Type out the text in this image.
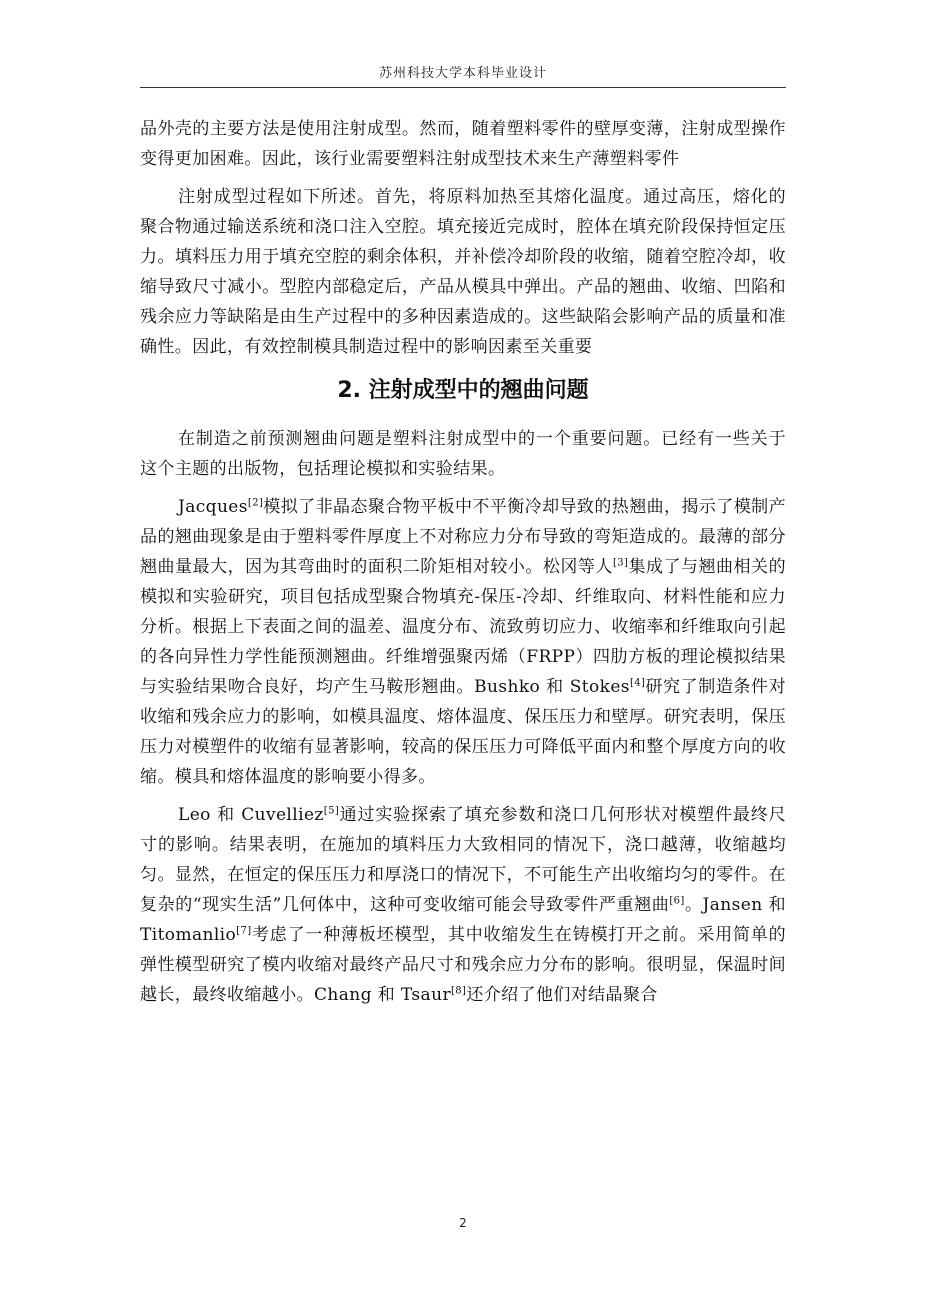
苏州科技大学本科毕业设计

品外壳的主要方法是使用注射成型。然而，随着塑料零件的壁厚变薄，注射成型操作变得更加困难。因此，该行业需要塑料注射成型技术来生产薄塑料零件

注射成型过程如下所述。首先，将原料加热至其熔化温度。通过高压，熔化的聚合物通过输送系统和浇口注入空腔。填充接近完成时，腔体在填充阶段保持恒定压力。填料压力用于填充空腔的剩余体积，并补偿冷却阶段的收缩，随着空腔冷却，收缩导致尺寸减小。型腔内部稳定后，产品从模具中弹出。产品的翘曲、收缩、凹陷和残余应力等缺陷是由生产过程中的多种因素造成的。这些缺陷会影响产品的质量和准确性。因此，有效控制模具制造过程中的影响因素至关重要

2. 注射成型中的翘曲问题

在制造之前预测翘曲问题是塑料注射成型中的一个重要问题。已经有一些关于这个主题的出版物，包括理论模拟和实验结果。

Jacques[2]模拟了非晶态聚合物平板中不平衡冷却导致的热翘曲，揭示了模制产品的翘曲现象是由于塑料零件厚度上不对称应力分布导致的弯矩造成的。最薄的部分翘曲量最大，因为其弯曲时的面积二阶矩相对较小。松冈等人[3]集成了与翘曲相关的模拟和实验研究，项目包括成型聚合物填充-保压-冷却、纤维取向、材料性能和应力分析。根据上下表面之间的温差、温度分布、流致剪切应力、收缩率和纤维取向引起的各向异性力学性能预测翘曲。纤维增强聚丙烯（FRPP）四肋方板的理论模拟结果与实验结果吻合良好，均产生马鞍形翘曲。Bushko 和 Stokes[4]研究了制造条件对收缩和残余应力的影响，如模具温度、熔体温度、保压压力和壁厚。研究表明，保压压力对模塑件的收缩有显著影响，较高的保压压力可降低平面内和整个厚度方向的收缩。模具和熔体温度的影响要小得多。

Leo 和 Cuvelliez[5]通过实验探索了填充参数和浇口几何形状对模塑件最终尺寸的影响。结果表明，在施加的填料压力大致相同的情况下，浇口越薄，收缩越均匀。显然，在恒定的保压压力和厚浇口的情况下，不可能生产出收缩均匀的零件。在复杂的“现实生活”几何体中，这种可变收缩可能会导致零件严重翘曲[6]。Jansen 和 Titomanlio[7]考虑了一种薄板坯模型，其中收缩发生在铸模打开之前。采用简单的弹性模型研究了模内收缩对最终产品尺寸和残余应力分布的影响。很明显，保温时间越长，最终收缩越小。Chang 和 Tsaur[8]还介绍了他们对结晶聚合

2
